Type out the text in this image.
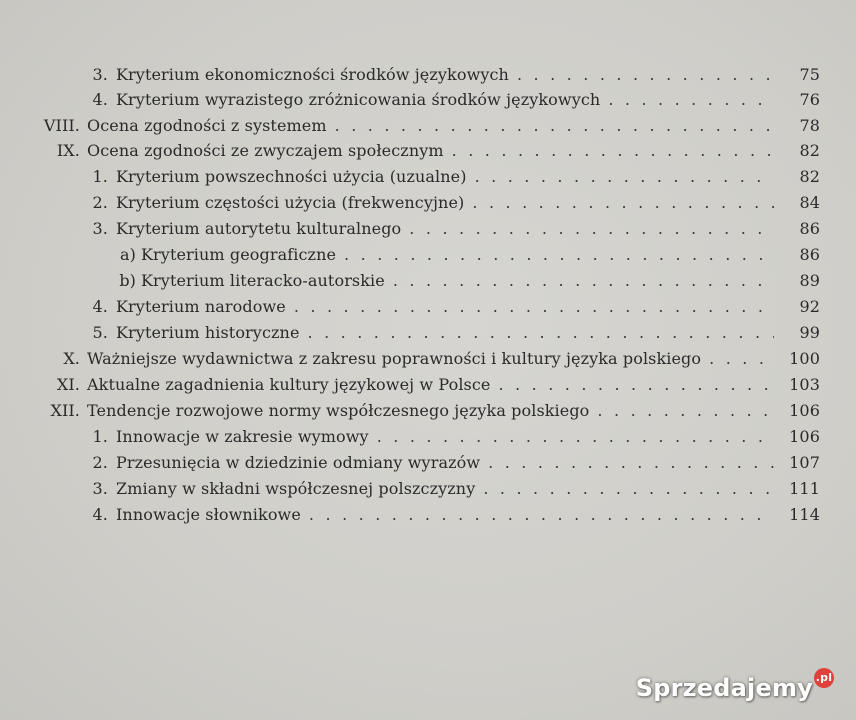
3. Kryterium ekonomiczności środków językowych . . .	75
4. Kryterium wyrazistego zróżnicowania środków językowych . . .	76
VIII. Ocena zgodności z systemem . . .	78
IX. Ocena zgodności ze zwyczajem społecznym . . .	82
1. Kryterium powszechności użycia (uzualne) . . .	82
2. Kryterium częstości użycia (frekwencyjne) . . .	84
3. Kryterium autorytetu kulturalnego . . .	86
a) Kryterium geograficzne . . .	86
b) Kryterium literacko-autorskie . . .	89
4. Kryterium narodowe . . .	92
5. Kryterium historyczne . . .	99
X. Ważniejsze wydawnictwa z zakresu poprawności i kultury języka polskiego . . .	100
XI. Aktualne zagadnienia kultury językowej w Polsce . . .	103
XII. Tendencje rozwojowe normy współczesnego języka polskiego . . .	106
1. Innowacje w zakresie wymowy . . .	106
2. Przesunięcia w dziedzinie odmiany wyrazów . . .	107
3. Zmiany w składni współczesnej polszczyzny . . .	111
4. Innowacje słownikowe . . .	114
Sprzedajemy .pl
